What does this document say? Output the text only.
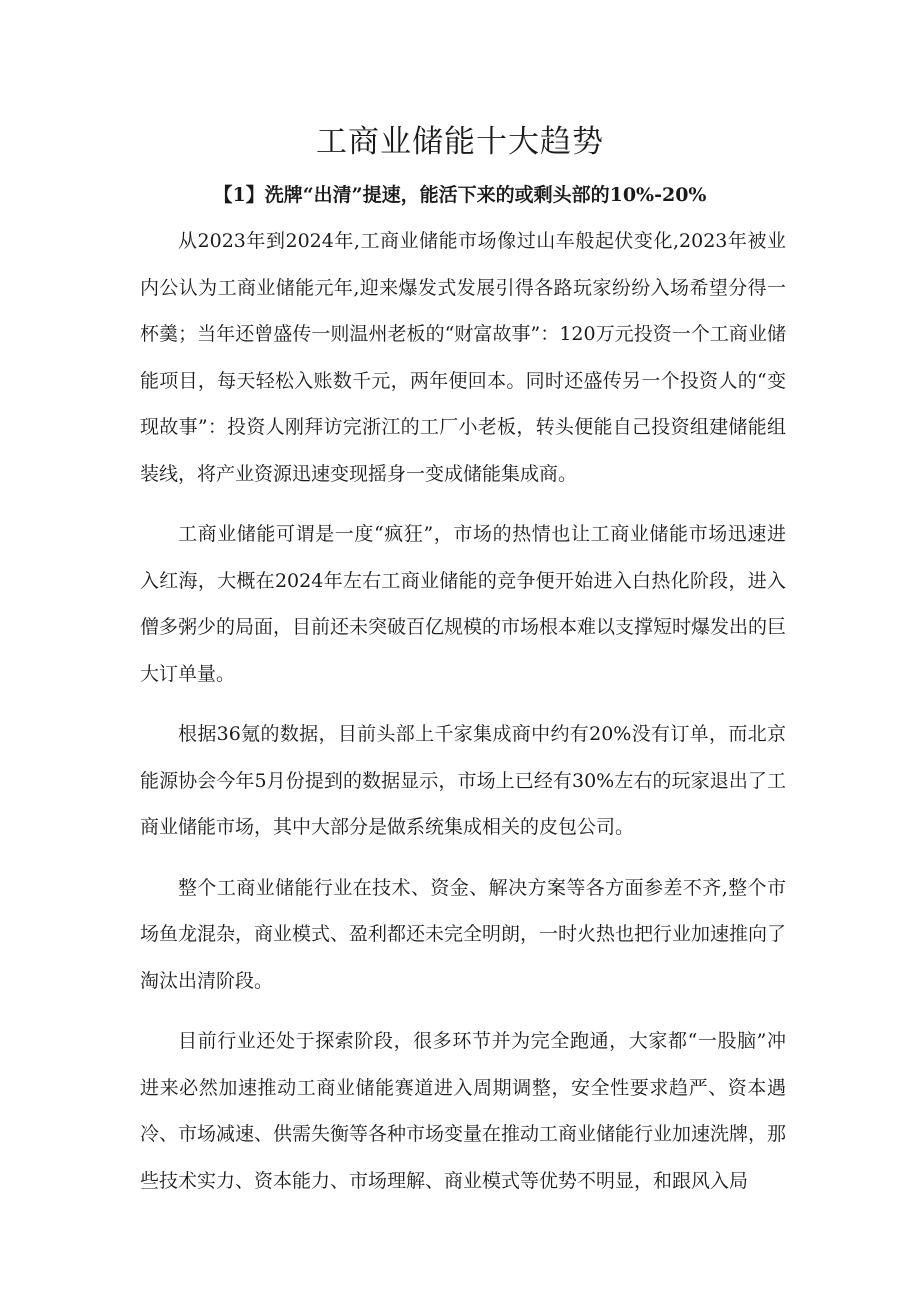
工商业储能十大趋势
【1】洗牌“出清”提速，能活下来的或剩头部的10%-20%

从2023年到2024年,工商业储能市场像过山车般起伏变化,2023年被业内公认为工商业储能元年,迎来爆发式发展引得各路玩家纷纷入场希望分得一杯羹；当年还曾盛传一则温州老板的“财富故事”：120万元投资一个工商业储能项目，每天轻松入账数千元，两年便回本。同时还盛传另一个投资人的“变现故事”：投资人刚拜访完浙江的工厂小老板，转头便能自己投资组建储能组装线，将产业资源迅速变现摇身一变成储能集成商。

工商业储能可谓是一度“疯狂”，市场的热情也让工商业储能市场迅速进入红海，大概在2024年左右工商业储能的竞争便开始进入白热化阶段，进入僧多粥少的局面，目前还未突破百亿规模的市场根本难以支撑短时爆发出的巨大订单量。

根据36氪的数据，目前头部上千家集成商中约有20%没有订单，而北京能源协会今年5月份提到的数据显示，市场上已经有30%左右的玩家退出了工商业储能市场，其中大部分是做系统集成相关的皮包公司。

整个工商业储能行业在技术、资金、解决方案等各方面参差不齐,整个市场鱼龙混杂，商业模式、盈利都还未完全明朗，一时火热也把行业加速推向了淘汰出清阶段。

目前行业还处于探索阶段，很多环节并为完全跑通，大家都“一股脑”冲进来必然加速推动工商业储能赛道进入周期调整，安全性要求趋严、资本遇冷、市场减速、供需失衡等各种市场变量在推动工商业储能行业加速洗牌，那些技术实力、资本能力、市场理解、商业模式等优势不明显，和跟风入局
